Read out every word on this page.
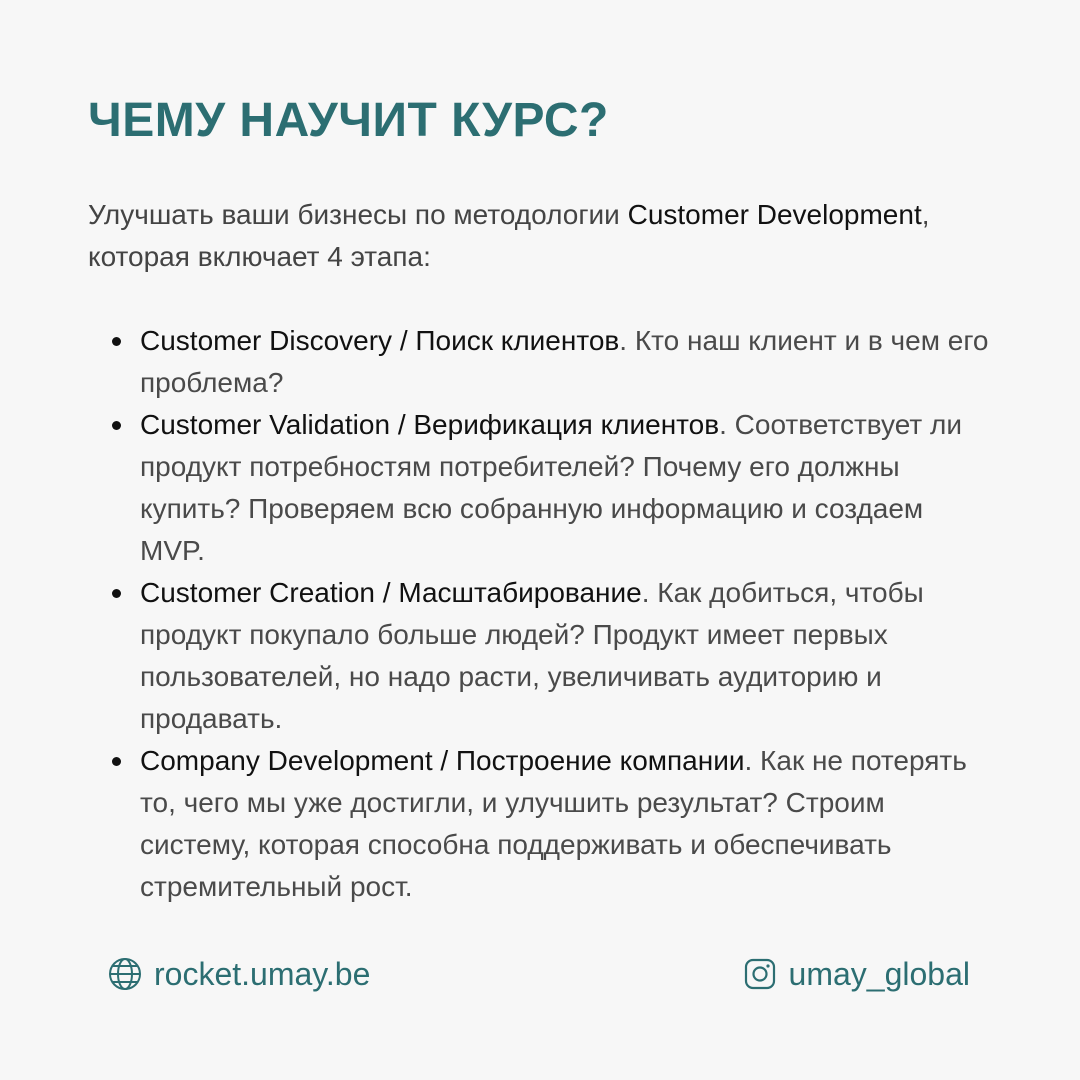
ЧЕМУ НАУЧИТ КУРС?

Улучшать ваши бизнесы по методологии Customer Development, которая включает 4 этапа:

Customer Discovery / Поиск клиентов. Кто наш клиент и в чем его проблема?
Customer Validation / Верификация клиентов. Соответствует ли продукт потребностям потребителей? Почему его должны купить? Проверяем всю собранную информацию и создаем MVP.
Customer Creation / Масштабирование. Как добиться, чтобы продукт покупало больше людей? Продукт имеет первых пользователей, но надо расти, увеличивать аудиторию и продавать.
Company Development / Построение компании. Как не потерять то, чего мы уже достигли, и улучшить результат? Строим систему, которая способна поддерживать и обеспечивать стремительный рост.
rocket.umay.be	umay_global
